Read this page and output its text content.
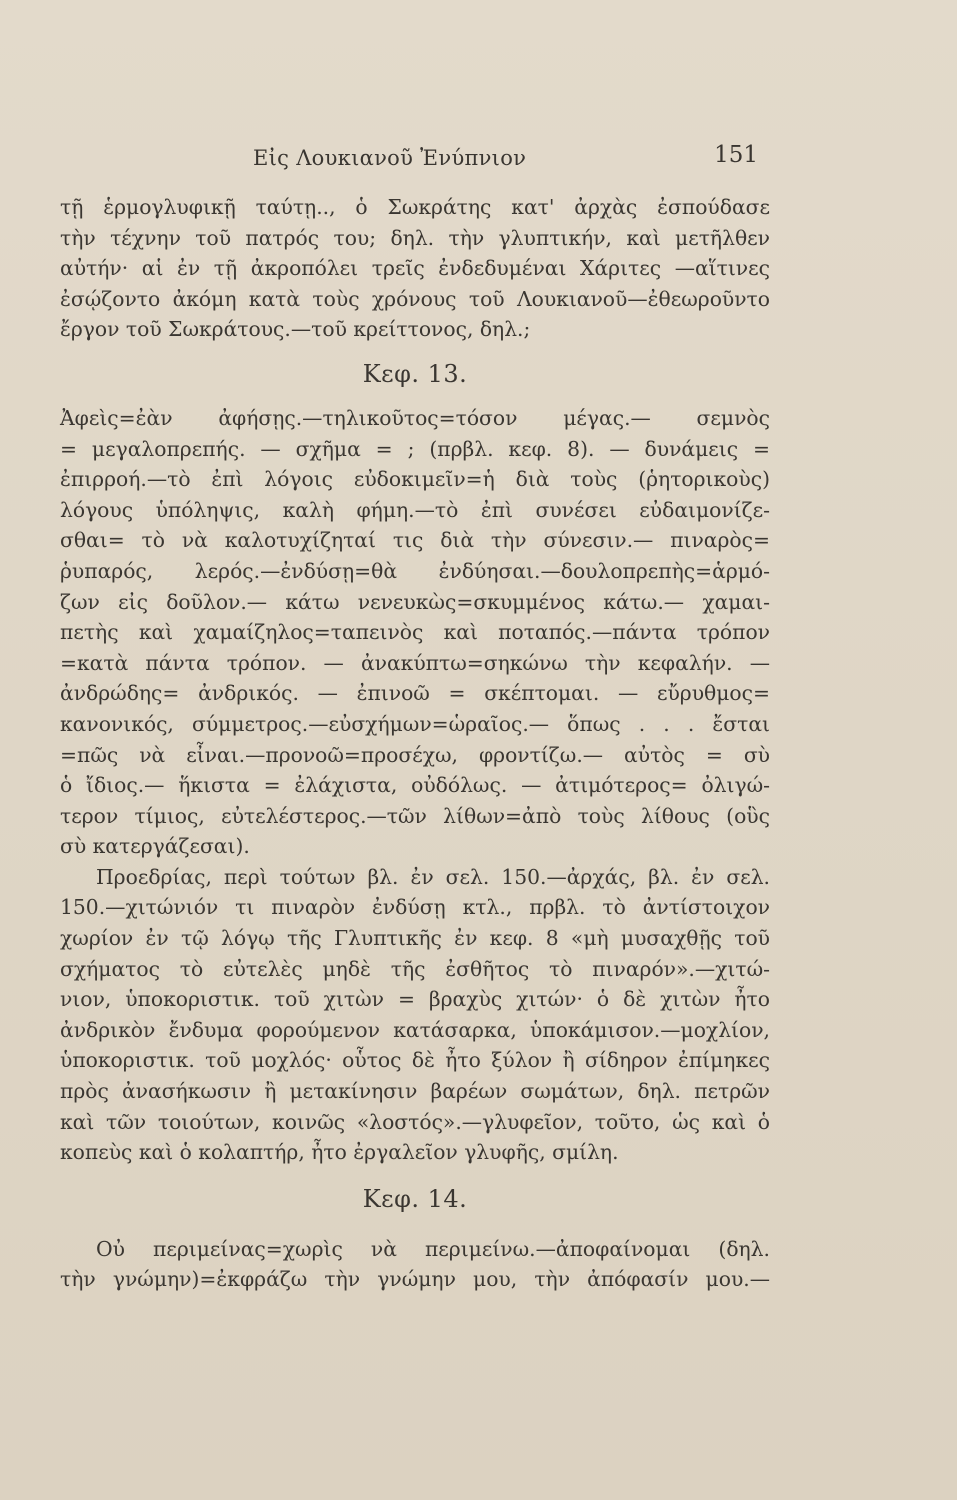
Εἰς Λουκιανοῦ Ἐνύπνιον	151
τῇ ἑρμογλυφικῇ ταύτῃ.., ὁ Σωκράτης κατ' ἀρχὰς ἐσπούδασε
τὴν τέχνην τοῦ πατρός του; δηλ. τὴν γλυπτικήν, καὶ μετῆλθεν
αὐτήν· αἱ ἐν τῇ ἀκροπόλει τρεῖς ἐνδεδυμέναι Χάριτες —αἵτινες
ἐσῴζοντο ἀκόμη κατὰ τοὺς χρόνους τοῦ Λουκιανοῦ—ἐθεωροῦντο
ἔργον τοῦ Σωκράτους.—τοῦ κρείττονος, δηλ.;
Κεφ. 13.
Ἀφεὶς=ἐὰν ἀφήσῃς.—τηλικοῦτος=τόσον μέγας.— σεμνὸς
= μεγαλοπρεπής. — σχῆμα = ; (πρβλ. κεφ. 8). — δυνάμεις =
ἐπιρροή.—τὸ ἐπὶ λόγοις εὐδοκιμεῖν=ἡ διὰ τοὺς (ῥητορικοὺς)
λόγους ὑπόληψις, καλὴ φήμη.—τὸ ἐπὶ συνέσει εὐδαιμονίζε-
σθαι= τὸ νὰ καλοτυχίζηταί τις διὰ τὴν σύνεσιν.— πιναρὸς=
ῥυπαρός, λερός.—ἐνδύσῃ=θὰ ἐνδύησαι.—δουλοπρεπὴς=ἁρμό-
ζων εἰς δοῦλον.— κάτω νενευκὼς=σκυμμένος κάτω.— χαμαι-
πετὴς καὶ χαμαίζηλος=ταπεινὸς καὶ ποταπός.—πάντα τρόπον
=κατὰ πάντα τρόπον. — ἀνακύπτω=σηκώνω τὴν κεφαλήν. —
ἀνδρώδης= ἀνδρικός. — ἐπινοῶ = σκέπτομαι. — εὔρυθμος=
κανονικός, σύμμετρος.—εὐσχήμων=ὡραῖος.— ὅπως . . . ἔσται
=πῶς νὰ εἶναι.—προνοῶ=προσέχω, φροντίζω.— αὐτὸς = σὺ
ὁ ἴδιος.— ἥκιστα = ἐλάχιστα, οὐδόλως. — ἀτιμότερος= ὀλιγώ-
τερον τίμιος, εὐτελέστερος.—τῶν λίθων=ἀπὸ τοὺς λίθους (οὓς
σὺ κατεργάζεσαι).
Προεδρίας, περὶ τούτων βλ. ἐν σελ. 150.—ἀρχάς, βλ. ἐν σελ.
150.—χιτώνιόν τι πιναρὸν ἐνδύσῃ κτλ., πρβλ. τὸ ἀντίστοιχον
χωρίον ἐν τῷ λόγῳ τῆς Γλυπτικῆς ἐν κεφ. 8 «μὴ μυσαχθῇς τοῦ
σχήματος τὸ εὐτελὲς μηδὲ τῆς ἐσθῆτος τὸ πιναρόν».—χιτώ-
νιον, ὑποκοριστικ. τοῦ χιτὼν = βραχὺς χιτών· ὁ δὲ χιτὼν ἦτο
ἀνδρικὸν ἔνδυμα φορούμενον κατάσαρκα, ὑποκάμισον.—μοχλίον,
ὑποκοριστικ. τοῦ μοχλός· οὗτος δὲ ἦτο ξύλον ἢ σίδηρον ἐπίμηκες
πρὸς ἀνασήκωσιν ἢ μετακίνησιν βαρέων σωμάτων, δηλ. πετρῶν
καὶ τῶν τοιούτων, κοινῶς «λοστός».—γλυφεῖον, τοῦτο, ὡς καὶ ὁ
κοπεὺς καὶ ὁ κολαπτήρ, ἦτο ἐργαλεῖον γλυφῆς, σμίλη.
Κεφ. 14.
Οὐ περιμείνας=χωρὶς νὰ περιμείνω.—ἀποφαίνομαι (δηλ.
τὴν γνώμην)=ἐκφράζω τὴν γνώμην μου, τὴν ἀπόφασίν μου.—
